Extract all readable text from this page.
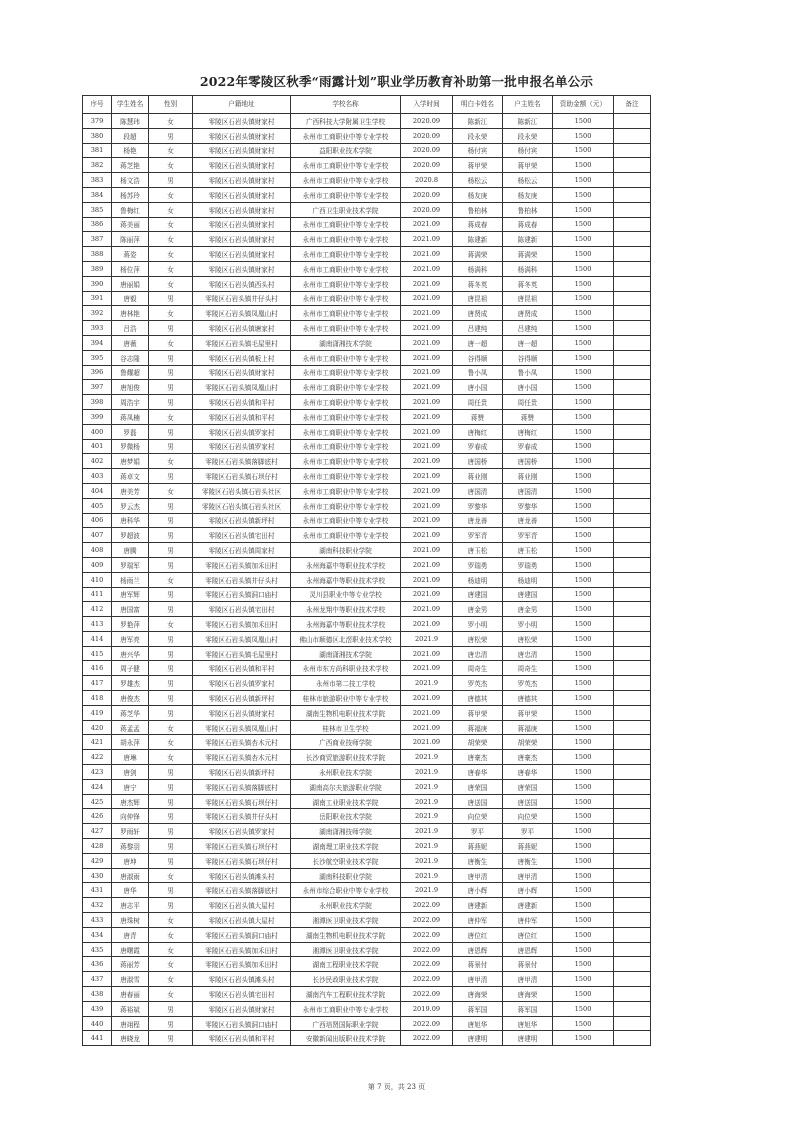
2022年零陵区秋季“雨露计划”职业学历教育补助第一批申报名单公示
序号	学生姓名	性别	户籍地址	学校名称	入学时间	明白卡姓名	户主姓名	资助金额（元）	备注
379	陈慧玮	女	零陵区石岩头镇财家村	广西科技大学附属卫生学校	2020.09	陈新江	陈新江	1500	
380	段超	男	零陵区石岩头镇财家村	永州市工商职业中等专业学校	2020.09	段永荣	段永荣	1500	
381	杨艳	女	零陵区石岩头镇财家村	益阳职业技术学院	2020.09	杨付宾	杨付宾	1500	
382	蒋芝艳	女	零陵区石岩头镇财家村	永州市工商职业中等专业学校	2020.09	蒋甲荣	蒋甲荣	1500	
383	杨文浩	男	零陵区石岩头镇财家村	永州市工商职业中等专业学校	2020.8	杨松云	杨松云	1500	
384	杨苏玲	女	零陵区石岩头镇财家村	永州市工商职业中等专业学校	2020.09	杨友庚	杨友庚	1500	
385	鲁梅红	女	零陵区石岩头镇财家村	广西卫生职业技术学院	2020.09	鲁柏林	鲁柏林	1500	
386	蒋美丽	女	零陵区石岩头镇财家村	永州市工商职业中等专业学校	2021.09	蒋成春	蒋成春	1500	
387	陈丽萍	女	零陵区石岩头镇财家村	永州市工商职业中等专业学校	2021.09	陈建新	陈建新	1500	
388	蒋姿	女	零陵区石岩头镇财家村	永州市工商职业中等专业学校	2021.09	蒋满荣	蒋满荣	1500	
389	杨位萍	女	零陵区石岩头镇财家村	永州市工商职业中等专业学校	2021.09	杨满科	杨满科	1500	
390	唐丽娟	女	零陵区石岩头镇西头村	永州市工商职业中等专业学校	2021.09	蒋冬英	蒋冬英	1500	
391	唐毅	男	零陵区石岩头镇井仔头村	永州市工商职业中等专业学校	2021.09	唐昆祖	唐昆祖	1500	
392	唐林艳	女	零陵区石岩头镇凤凰山村	永州市工商职业中等专业学校	2021.09	唐贤成	唐贤成	1500	
393	吕浩	男	零陵区石岩头镇塘家村	永州市工商职业中等专业学校	2021.09	吕建纯	吕建纯	1500	
394	唐薇	女	零陵区石岩头镇毛屋里村	湖南潇湘技术学院	2021.09	唐一超	唐一超	1500	
395	谷志隆	男	零陵区石岩头镇板上村	永州市工商职业中等专业学校	2021.09	谷得顺	谷得顺	1500	
396	鲁耀超	男	零陵区石岩头镇财家村	永州市工商职业中等专业学校	2021.09	鲁小凤	鲁小凤	1500	
397	唐旭俊	男	零陵区石岩头镇凤凰山村	永州市工商职业中等专业学校	2021.09	唐小国	唐小国	1500	
398	周浩宇	男	零陵区石岩头镇和平村	永州市工商职业中等专业学校	2021.09	周任贵	周任贵	1500	
399	蒋凤楠	女	零陵区石岩头镇和平村	永州市工商职业中等专业学校	2021.09	蒋赞	蒋赞	1500	
400	罗磊	男	零陵区石岩头镇罗家村	永州市工商职业中等专业学校	2021.09	唐梅红	唐梅红	1500	
401	罗微杨	男	零陵区石岩头镇罗家村	永州市工商职业中等专业学校	2021.09	罗春成	罗春成	1500	
402	唐梦娟	女	零陵区石岩头镇落脚底村	永州市工商职业中等专业学校	2021.09	唐国桥	唐国桥	1500	
403	蒋卓文	男	零陵区石岩头镇石坝仔村	永州市工商职业中等专业学校	2021.09	蒋业刚	蒋业刚	1500	
404	唐美芳	女	零陵区石岩头镇石岩头社区	永州市工商职业中等专业学校	2021.09	唐国清	唐国清	1500	
405	罗云杰	男	零陵区石岩头镇石岩头社区	永州市工商职业中等专业学校	2021.09	罗黎华	罗黎华	1500	
406	唐科华	男	零陵区石岩头镇新坪村	永州市工商职业中等专业学校	2021.09	唐龙善	唐龙善	1500	
407	罗超波	男	零陵区石岩头镇宅田村	永州市工商职业中等专业学校	2021.09	罗军青	罗军青	1500	
408	唐腾	男	零陵区石岩头镇周家村	湖南科技职业学院	2021.09	唐玉松	唐玉松	1500	
409	罗瑞军	男	零陵区石岩头镇加禾田村	永州海嘉中等职业技术学校	2021.09	罗瑞勇	罗瑞勇	1500	
410	杨雨兰	女	零陵区石岩头镇井仔头村	永州海嘉中等职业技术学校	2021.09	杨迪明	杨迪明	1500	
411	唐军辉	男	零陵区石岩头镇洞口庙村	灵川县职业中等专业学校	2021.09	唐建国	唐建国	1500	
412	唐国富	男	零陵区石岩头镇宅田村	永州龙翔中等职业技术学校	2021.09	唐金男	唐金男	1500	
413	罗艳萍	女	零陵区石岩头镇加禾田村	永州海嘉中等职业技术学校	2021.09	罗小明	罗小明	1500	
414	唐军亮	男	零陵区石岩头镇凤凰山村	佛山市顺德区北滘职业技术学校	2021.9	唐松荣	唐松荣	1500	
415	唐兴华	男	零陵区石岩头镇毛屋里村	湖南潇湘技术学院	2021.09	唐忠清	唐忠清	1500	
416	周子健	男	零陵区石岩头镇和平村	永州市东方尚科职业技术学校	2021.09	周奇生	周奇生	1500	
417	罗雄杰	男	零陵区石岩头镇罗家村	永州市第二技工学校	2021.9	罗英杰	罗英杰	1500	
418	唐俊杰	男	零陵区石岩头镇新坪村	桂林市旅游职业中等专业学校	2021.09	唐德其	唐德其	1500	
419	蒋芝华	男	零陵区石岩头镇财家村	湖南生物机电职业技术学院	2021.09	蒋甲荣	蒋甲荣	1500	
420	蒋孟孟	女	零陵区石岩头镇凤凰山村	桂林市卫生学校	2021.09	蒋福庚	蒋福庚	1500	
421	胡永萍	女	零陵区石岩头镇杏木元村	广西商业技师学院	2021.09	胡荣荣	胡荣荣	1500	
422	唐琳	女	零陵区石岩头镇杏木元村	长沙商贸旅游职业技术学院	2021.9	唐豪杰	唐豪杰	1500	
423	唐剑	男	零陵区石岩头镇新坪村	永州职业技术学院	2021.9	唐春华	唐春华	1500	
424	唐宁	男	零陵区石岩头镇落脚底村	湖南高尔夫旅游职业学院	2021.9	唐荣国	唐荣国	1500	
425	唐杰辉	男	零陵区石岩头镇石坝仔村	湖南工业职业技术学院	2021.9	唐送国	唐送国	1500	
426	向仲锋	男	零陵区石岩头镇井仔头村	岳阳职业技术学院	2021.9	向位荣	向位荣	1500	
427	罗雨轩	男	零陵区石岩头镇罗家村	湖南潇湘技师学院	2021.9	罗平	罗平	1500	
428	蒋黎羽	男	零陵区石岩头镇石坝仔村	湖南理工职业技术学院	2021.9	蒋燕妮	蒋燕妮	1500	
429	唐坤	男	零陵区石岩头镇石坝仔村	长沙航空职业技术学院	2021.9	唐衡生	唐衡生	1500	
430	唐淑雨	女	零陵区石岩头镇滩头村	湖南科技职业学院	2021.9	唐甲清	唐甲清	1500	
431	唐华	男	零陵区石岩头镇落脚底村	永州市综合职业中等专业学校	2021.9	唐小辉	唐小辉	1500	
432	唐志平	男	零陵区石岩头镇大屋村	永州职业技术学院	2022.09	唐建新	唐建新	1500	
433	唐珠树	女	零陵区石岩头镇大屋村	湘潭医卫职业技术学院	2022.09	唐仲军	唐仲军	1500	
434	唐青	女	零陵区石岩头镇洞口庙村	湖南生物机电职业技术学院	2022.09	唐位红	唐位红	1500	
435	唐曙霞	女	零陵区石岩头镇加禾田村	湘潭医卫职业技术学院	2022.09	唐恩辉	唐恩辉	1500	
436	蒋丽芳	女	零陵区石岩头镇加禾田村	湖南工程职业技术学院	2022.09	蒋景付	蒋景付	1500	
437	唐淑雪	女	零陵区石岩头镇滩头村	长沙民政职业技术学院	2022.09	唐甲清	唐甲清	1500	
438	唐春丽	女	零陵区石岩头镇宅田村	湖南汽车工程职业技术学院	2022.09	唐海荣	唐海荣	1500	
439	蒋裕斌	男	零陵区石岩头镇财家村	永州市工商职业中等专业学校	2019.09	蒋军国	蒋军国	1500	
440	唐翊程	男	零陵区石岩头镇洞口庙村	广西培贤国际职业学院	2022.09	唐旭华	唐旭华	1500	
441	唐晓龙	男	零陵区石岩头镇和平村	安徽新闻出版职业技术学院	2022.09	唐建明	唐建明	1500	
第 7 页，共 23 页
